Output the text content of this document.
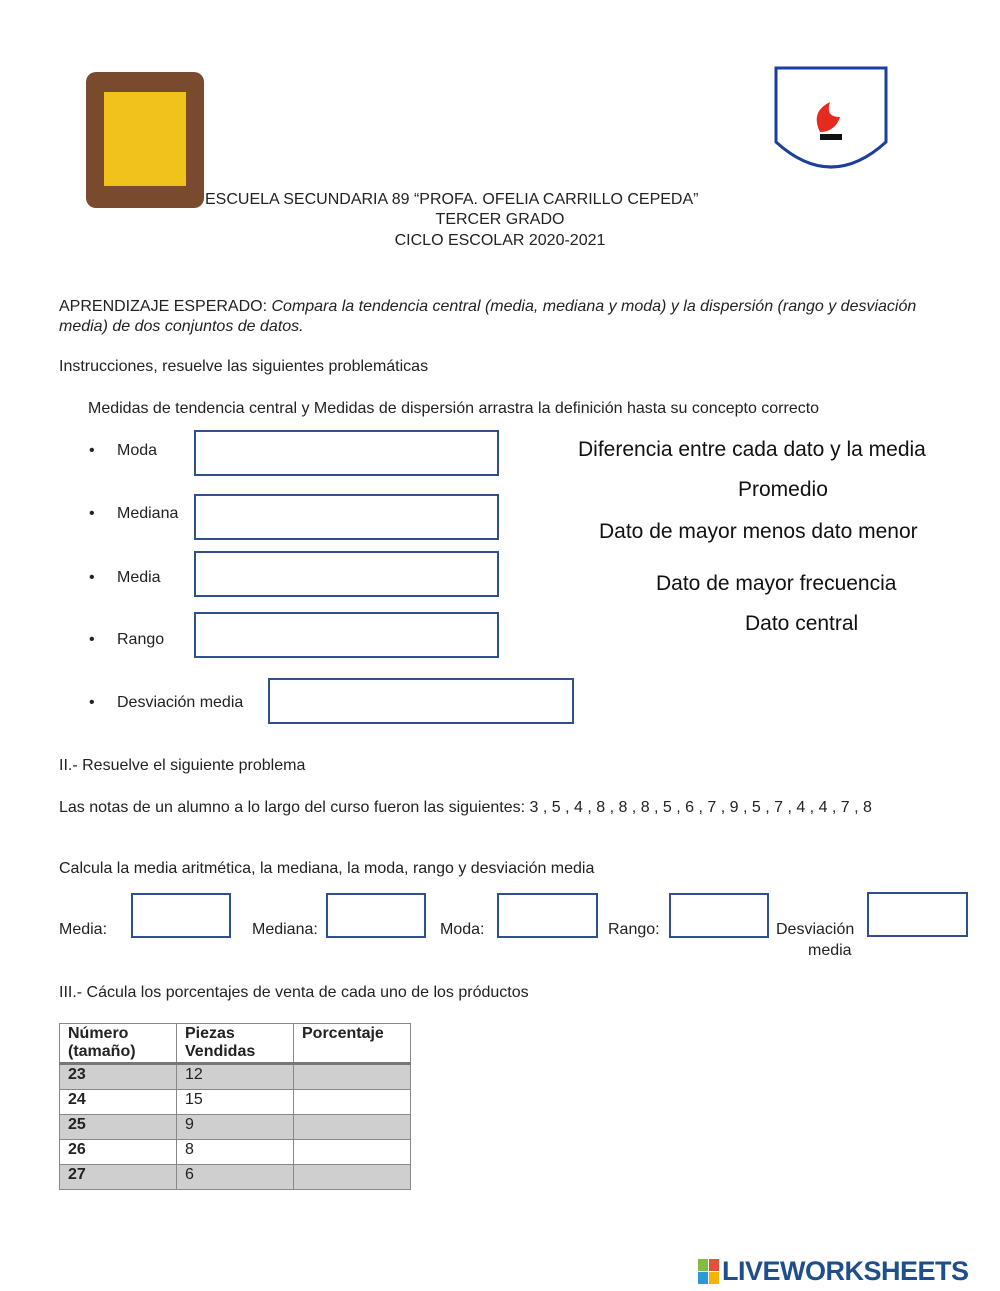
ESCUELA SECUNDARIA 89 “PROFA. OFELIA CARRILLO CEPEDA”
TERCER GRADO
CICLO ESCOLAR 2020-2021
APRENDIZAJE ESPERADO: Compara la tendencia central (media, mediana y moda) y la dispersión (rango y desviación media) de dos conjuntos de datos.
Instrucciones, resuelve las siguientes problemáticas
Medidas de tendencia central y Medidas de dispersión arrastra la definición hasta su concepto correcto
• Moda
• Mediana
• Media
• Rango
• Desviación media
Diferencia entre cada dato y la media
Promedio
Dato de mayor menos dato menor
Dato de mayor frecuencia
Dato central
II.- Resuelve el siguiente problema
Las notas de un alumno a lo largo del curso fueron las siguientes: 3 , 5 , 4 , 8 , 8 , 8 , 5 , 6 , 7 , 9 , 5 , 7 , 4 , 4 , 7 , 8
Calcula la media aritmética, la mediana, la moda, rango y desviación media
Media:	Mediana:	Moda:	Rango:	Desviación
media
III.- Cácula los porcentajes de venta de cada uno de los próductos
Número (tamaño)	Piezas Vendidas	Porcentaje
23	12	
24	15	
25	9	
26	8	
27	6	
LIVEWORKSHEETS
